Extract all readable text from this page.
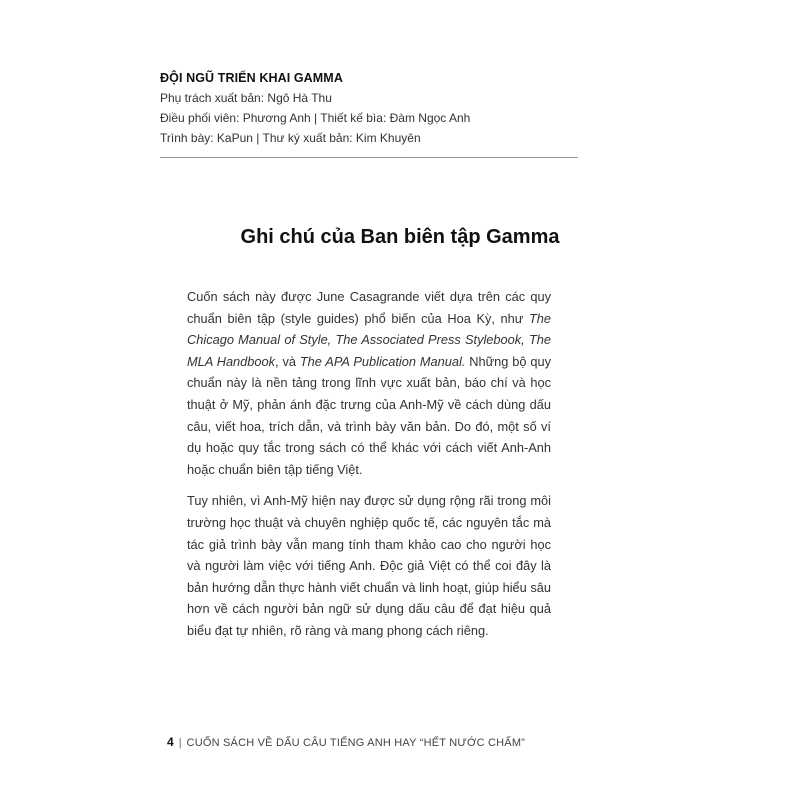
ĐỘI NGŨ TRIỂN KHAI GAMMA
Phụ trách xuất bản: Ngô Hà Thu
Điều phối viên: Phương Anh | Thiết kế bìa: Đàm Ngọc Anh
Trình bày: KaPun | Thư ký xuất bản: Kim Khuyên
Ghi chú của Ban biên tập Gamma

Cuốn sách này được June Casagrande viết dựa trên các quy chuẩn biên tập (style guides) phổ biến của Hoa Kỳ, như The Chicago Manual of Style, The Associated Press Stylebook, The MLA Handbook, và The APA Publication Manual. Những bộ quy chuẩn này là nền tảng trong lĩnh vực xuất bản, báo chí và học thuật ở Mỹ, phản ánh đặc trưng của Anh-Mỹ về cách dùng dấu câu, viết hoa, trích dẫn, và trình bày văn bản. Do đó, một số ví dụ hoặc quy tắc trong sách có thể khác với cách viết Anh-Anh hoặc chuẩn biên tập tiếng Việt.

Tuy nhiên, vì Anh-Mỹ hiện nay được sử dụng rộng rãi trong môi trường học thuật và chuyên nghiệp quốc tế, các nguyên tắc mà tác giả trình bày vẫn mang tính tham khảo cao cho người học và người làm việc với tiếng Anh. Độc giả Việt có thể coi đây là bản hướng dẫn thực hành viết chuẩn và linh hoạt, giúp hiểu sâu hơn về cách người bản ngữ sử dụng dấu câu để đạt hiệu quả biểu đạt tự nhiên, rõ ràng và mang phong cách riêng.

4 | CUỐN SÁCH VỀ DẤU CÂU TIẾNG ANH HAY “HẾT NƯỚC CHẤM”
